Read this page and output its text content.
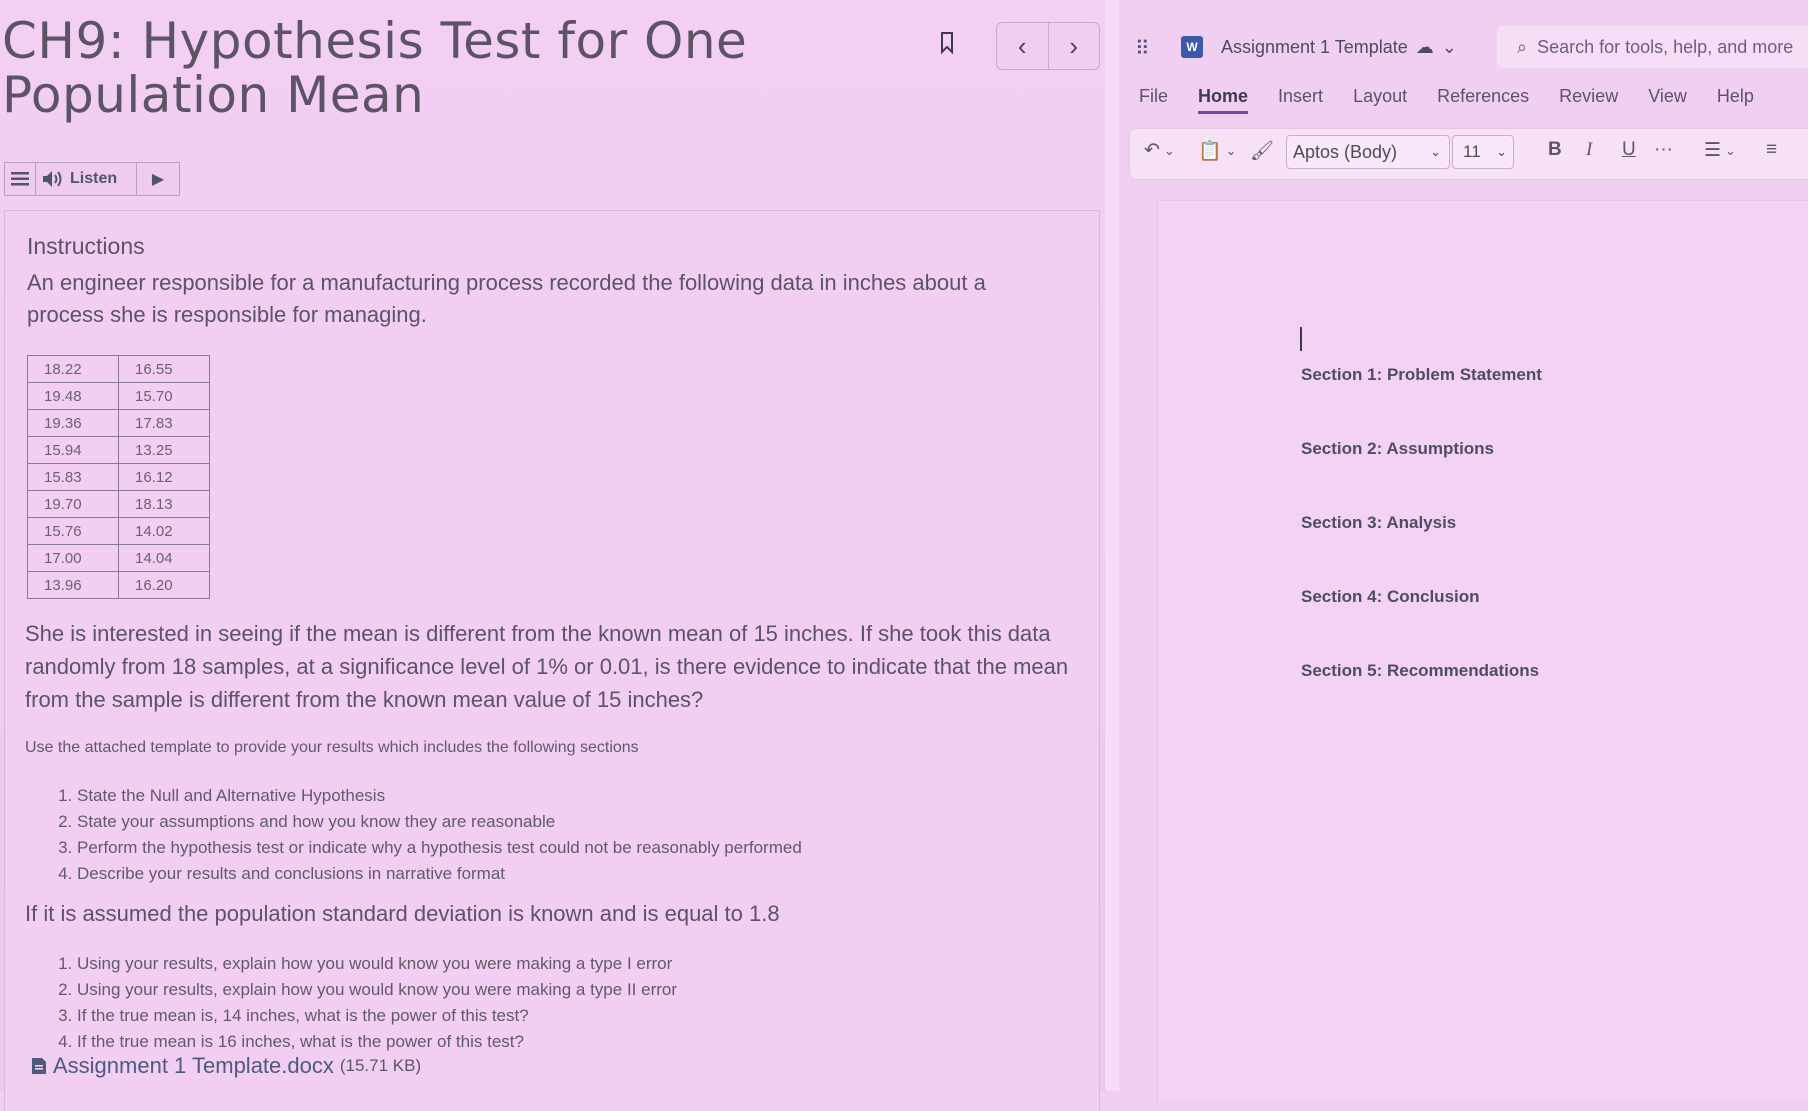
CH9: Hypothesis Test for One Population Mean
‹ ›
Listen ▶
Instructions
An engineer responsible for a manufacturing process recorded the following data in inches about a process she is responsible for managing.
18.22	16.55
19.48	15.70
19.36	17.83
15.94	13.25
15.83	16.12
19.70	18.13
15.76	14.02
17.00	14.04
13.96	16.20
She is interested in seeing if the mean is different from the known mean of 15 inches. If she took this data randomly from 18 samples, at a significance level of 1% or 0.01, is there evidence to indicate that the mean from the sample is different from the known mean value of 15 inches?
Use the attached template to provide your results which includes the following sections
1. State the Null and Alternative Hypothesis
2. State your assumptions and how you know they are reasonable
3. Perform the hypothesis test or indicate why a hypothesis test could not be reasonably performed
4. Describe your results and conclusions in narrative format
If it is assumed the population standard deviation is known and is equal to 1.8
1. Using your results, explain how you would know you were making a type I error
2. Using your results, explain how you would know you were making a type II error
3. If the true mean is, 14 inches, what is the power of this test?
4. If the true mean is 16 inches, what is the power of this test?
Assignment 1 Template.docx (15.71 KB)
⠿	W Assignment 1 Template ☁ ⌄	⌕ Search for tools, help, and more
File Home Insert Layout References Review View Help
↶ ⌄ 📋 ⌄ 🖌 Aptos (Body)	⌄ 11 ⌄ B I U ··· ☰ ⌄ ≡
Section 1: Problem Statement
Section 2: Assumptions
Section 3: Analysis
Section 4: Conclusion
Section 5: Recommendations
